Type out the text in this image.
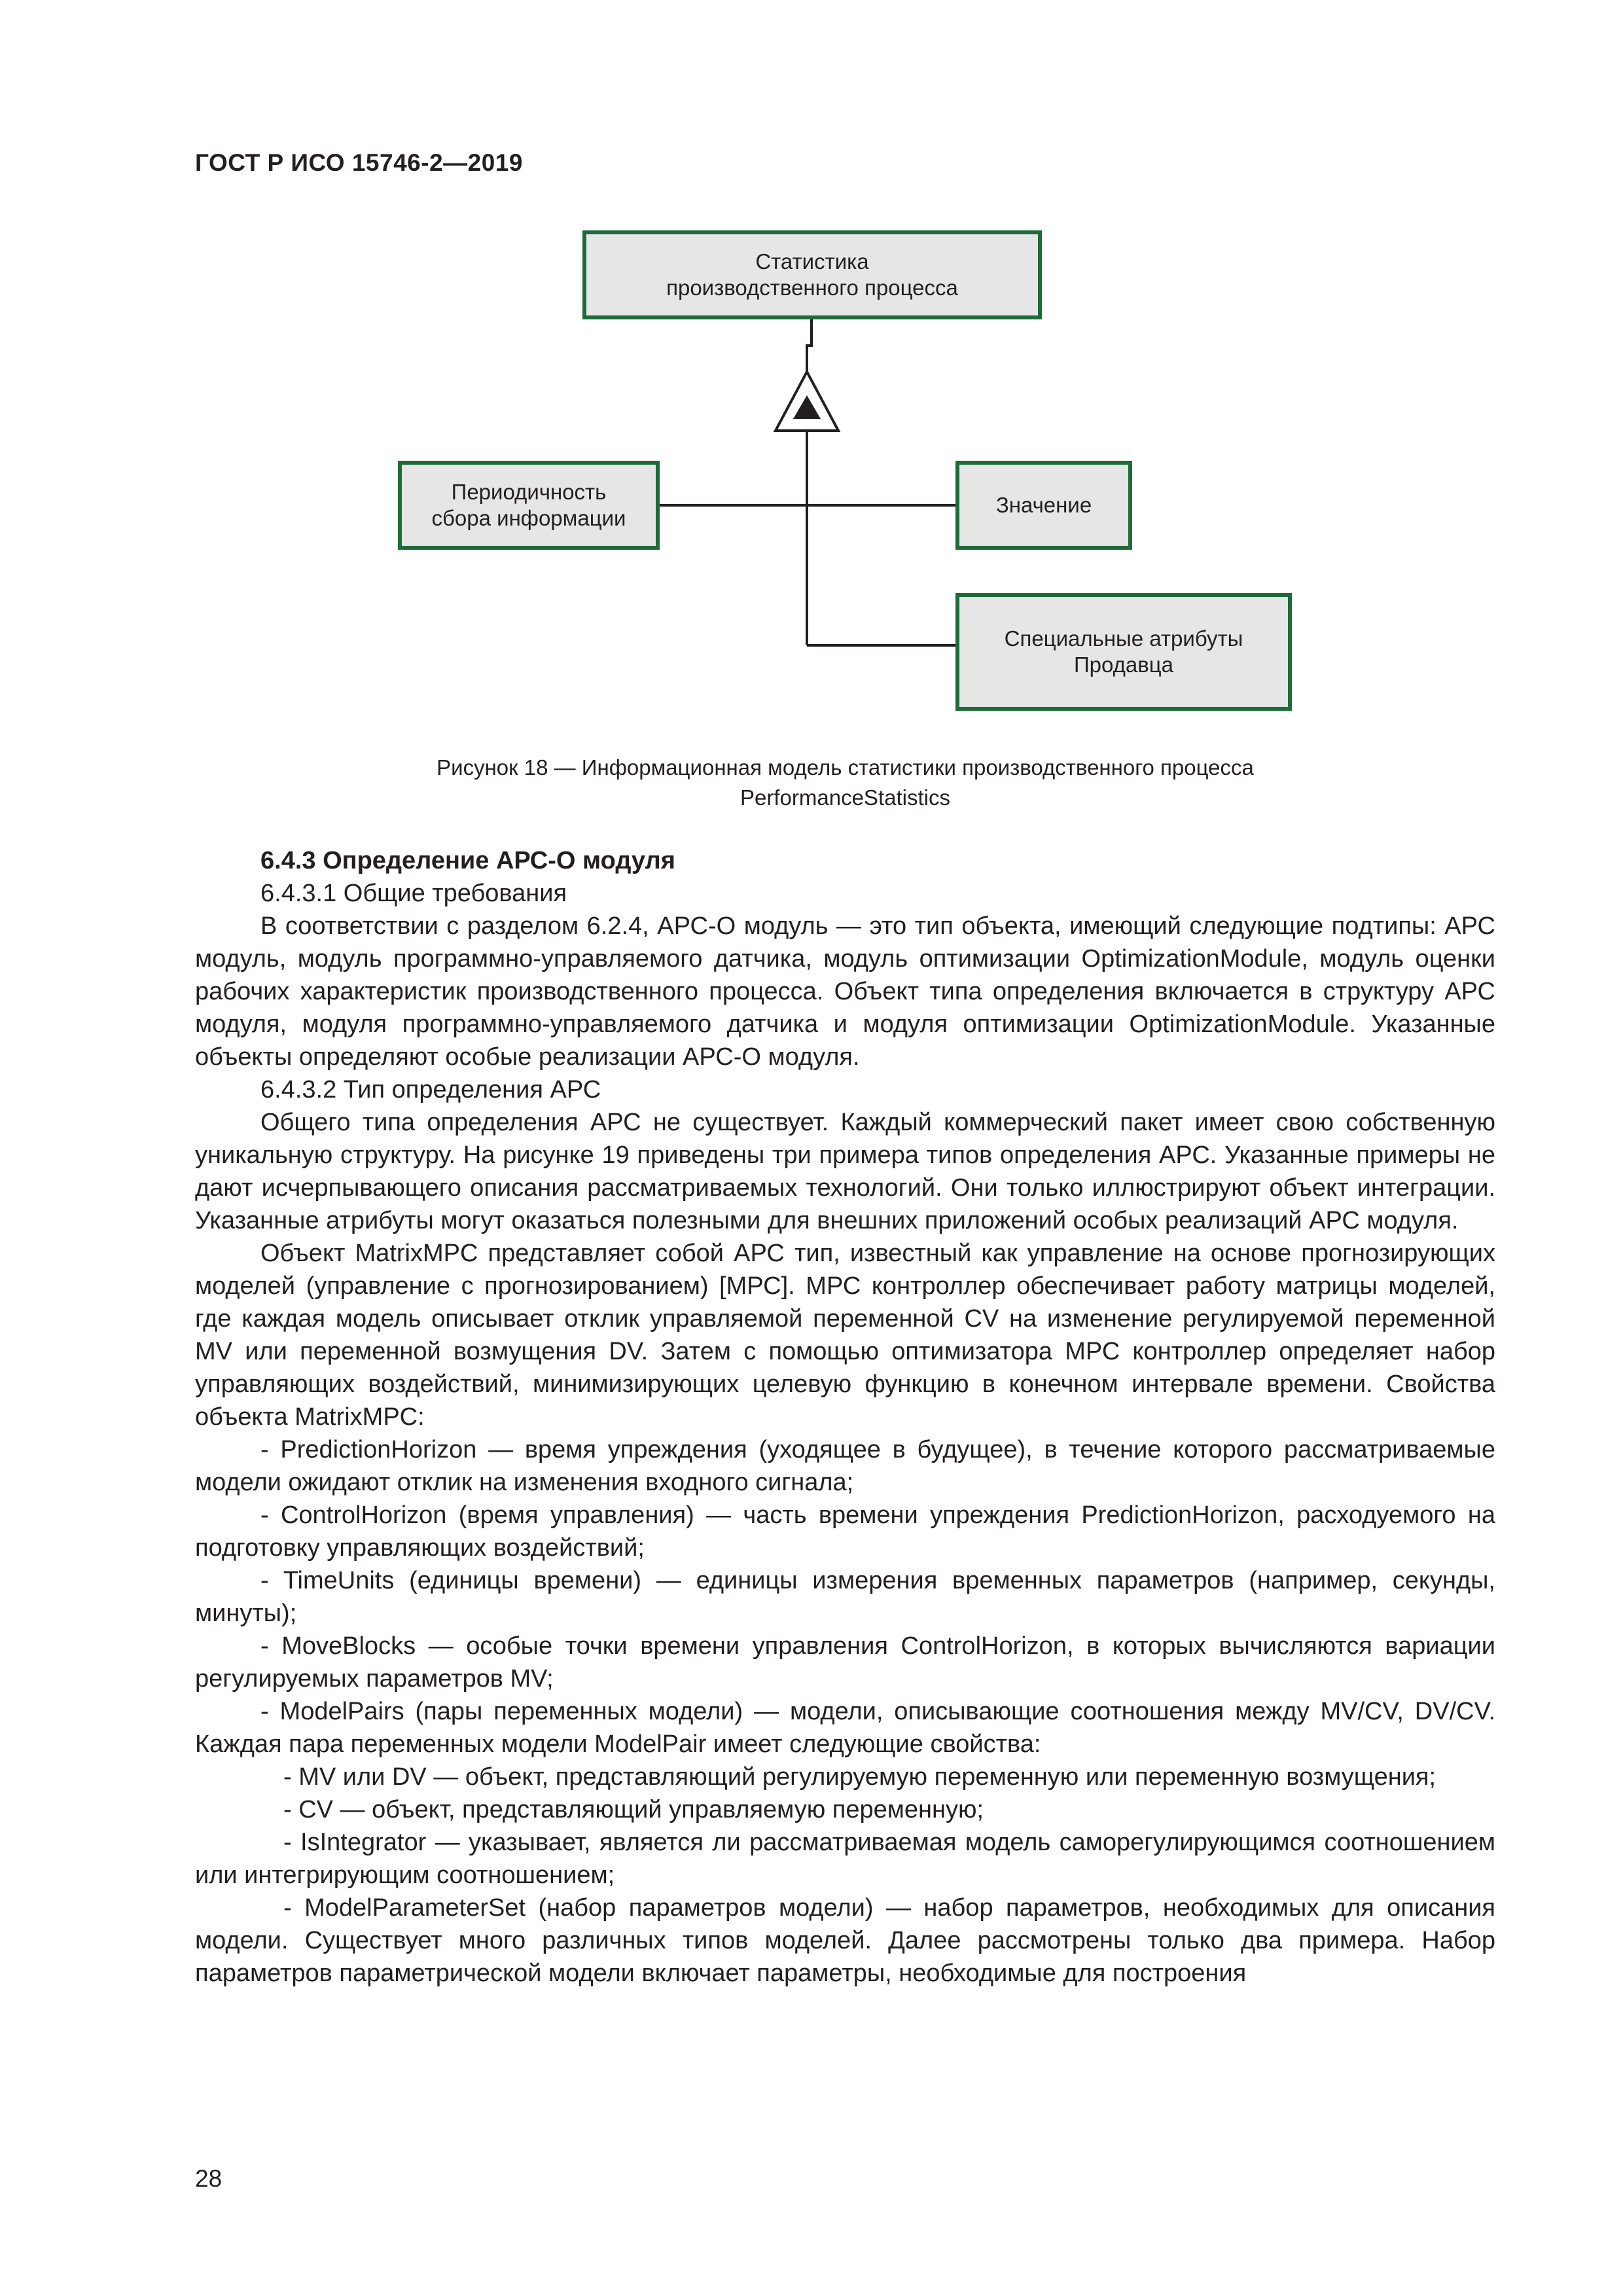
ГОСТ Р ИСО 15746-2—2019
Статистика
производственного процесса
Периодичность
сбора информации
Значение
Специальные атрибуты
Продавца
Рисунок 18 — Информационная модель статистики производственного процесса
PerformanceStatistics

6.4.3 Определение АРС-О модуля

6.4.3.1 Общие требования

В соответствии с разделом 6.2.4, АРС-О модуль — это тип объекта, имеющий следующие подтипы: АРС модуль, модуль программно-управляемого датчика, модуль оптимизации OptimizationModule, модуль оценки рабочих характеристик производственного процесса. Объект типа определения включается в структуру АРС модуля, модуля программно-управляемого датчика и модуля оптимизации OptimizationModule. Указанные объекты определяют особые реализации АРС-О модуля.

6.4.3.2 Тип определения АРС

Общего типа определения АРС не существует. Каждый коммерческий пакет имеет свою собственную уникальную структуру. На рисунке 19 приведены три примера типов определения АРС. Указанные примеры не дают исчерпывающего описания рассматриваемых технологий. Они только иллюстрируют объект интеграции. Указанные атрибуты могут оказаться полезными для внешних приложений особых реализаций АРС модуля.

Объект MatrixMPC представляет собой АРС тип, известный как управление на основе прогнозирующих моделей (управление с прогнозированием) [МРС]. МРС контроллер обеспечивает работу матрицы моделей, где каждая модель описывает отклик управляемой переменной CV на изменение регулируемой переменной MV или переменной возмущения DV. Затем с помощью оптимизатора МРС контроллер определяет набор управляющих воздействий, минимизирующих целевую функцию в конечном интервале времени. Свойства объекта MatrixMPC:

- PredictionHorizon — время упреждения (уходящее в будущее), в течение которого рассматриваемые модели ожидают отклик на изменения входного сигнала;

- ControlHorizon (время управления) — часть времени упреждения PredictionHorizon, расходуемого на подготовку управляющих воздействий;

- TimeUnits (единицы времени) — единицы измерения временных параметров (например, секунды, минуты);

- MoveBlocks — особые точки времени управления ControlHorizon, в которых вычисляются вариации регулируемых параметров MV;

- ModelPairs (пары переменных модели) — модели, описывающие соотношения между MV/CV, DV/CV. Каждая пара переменных модели ModelPair имеет следующие свойства:

- MV или DV — объект, представляющий регулируемую переменную или переменную возмущения;

- CV — объект, представляющий управляемую переменную;

- IsIntegrator — указывает, является ли рассматриваемая модель саморегулирующимся соотношением или интегрирующим соотношением;

- ModelParameterSet (набор параметров модели) — набор параметров, необходимых для описания модели. Существует много различных типов моделей. Далее рассмотрены только два примера. Набор параметров параметрической модели включает параметры, необходимые для построения

28
